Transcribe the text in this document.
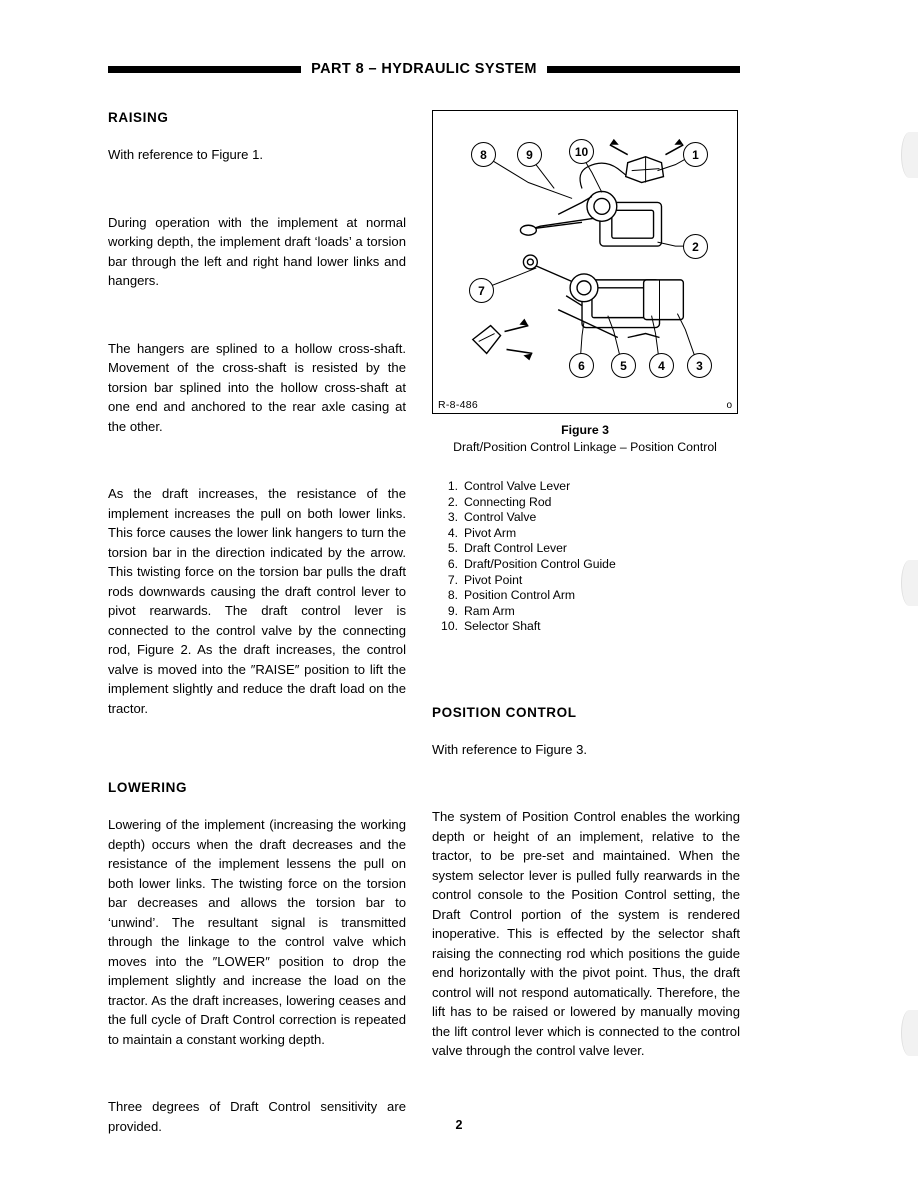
PART 8 – HYDRAULIC SYSTEM
RAISING

With reference to Figure 1.

During operation with the implement at normal working depth, the implement draft ‘loads’ a torsion bar through the left and right hand lower links and hangers.

The hangers are splined to a hollow cross-shaft. Movement of the cross-shaft is resisted by the torsion bar splined into the hollow cross-shaft at one end and anchored to the rear axle casing at the other.

As the draft increases, the resistance of the implement increases the pull on both lower links. This force causes the lower link hangers to turn the torsion bar in the direction indicated by the arrow. This twisting force on the torsion bar pulls the draft rods downwards causing the draft control lever to pivot rearwards. The draft control lever is connected to the control valve by the connecting rod, Figure 2. As the draft increases, the control valve is moved into the ″RAISE″ position to lift the implement slightly and reduce the draft load on the tractor.

LOWERING

Lowering of the implement (increasing the working depth) occurs when the draft decreases and the resistance of the implement lessens the pull on both lower links. The twisting force on the torsion bar decreases and allows the torsion bar to ‘unwind’. The resultant signal is transmitted through the linkage to the control valve which moves into the ″LOWER″ position to drop the implement slightly and increase the load on the tractor. As the draft increases, lowering ceases and the full cycle of Draft Control correction is repeated to maintain a constant working depth.

Three degrees of Draft Control sensitivity are provided.

8	9	10	1
2
7
6	5	4	3
R-8-486	o
Figure 3
Draft/Position Control Linkage – Position Control
1. Control Valve Lever
2. Connecting Rod
3. Control Valve
4. Pivot Arm
5. Draft Control Lever
6. Draft/Position Control Guide
7. Pivot Point
8. Position Control Arm
9. Ram Arm
10. Selector Shaft
POSITION CONTROL

With reference to Figure 3.

The system of Position Control enables the working depth or height of an implement, relative to the tractor, to be pre-set and maintained. When the system selector lever is pulled fully rearwards in the control console to the Position Control setting, the Draft Control portion of the system is rendered inoperative. This is effected by the selector shaft raising the connecting rod which positions the guide end horizontally with the pivot point. Thus, the draft control will not respond automatically. Therefore, the lift has to be raised or lowered by manually moving the lift control lever which is connected to the control valve through the control valve lever.

2
